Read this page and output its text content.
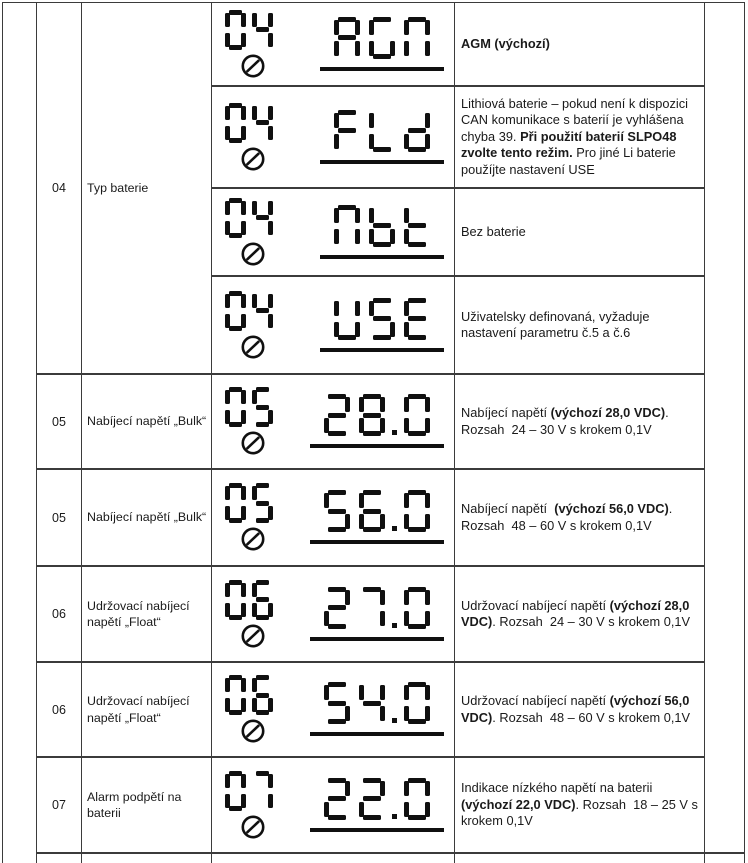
04 Typ baterie
AGM (výchozí)
Lithiová baterie – pokud není k dispozici CAN komunikace s baterií je vyhlášena chyba 39. Při použití baterií SLPO48 zvolte tento režim. Pro jiné Li baterie použíjte nastavení USE
Bez baterie
Uživatelsky definovaná, vyžaduje nastavení parametru č.5 a č.6
05 Nabíjecí napětí „Bulk“
Nabíjecí napětí (výchozí 28,0 VDC). Rozsah  24 – 30 V s krokem 0,1V
05 Nabíjecí napětí „Bulk“
Nabíjecí napětí  (výchozí 56,0 VDC). Rozsah  48 – 60 V s krokem 0,1V
06
Udržovací nabíjecí napětí „Float“
Udržovací nabíjecí napětí (výchozí 28,0 VDC). Rozsah  24 – 30 V s krokem 0,1V
06
Udržovací nabíjecí napětí „Float“
Udržovací nabíjecí napětí (výchozí 56,0 VDC). Rozsah  48 – 60 V s krokem 0,1V
07
Alarm podpětí na baterii
Indikace nízkého napětí na baterii (výchozí 22,0 VDC). Rozsah  18 – 25 V s krokem 0,1V
